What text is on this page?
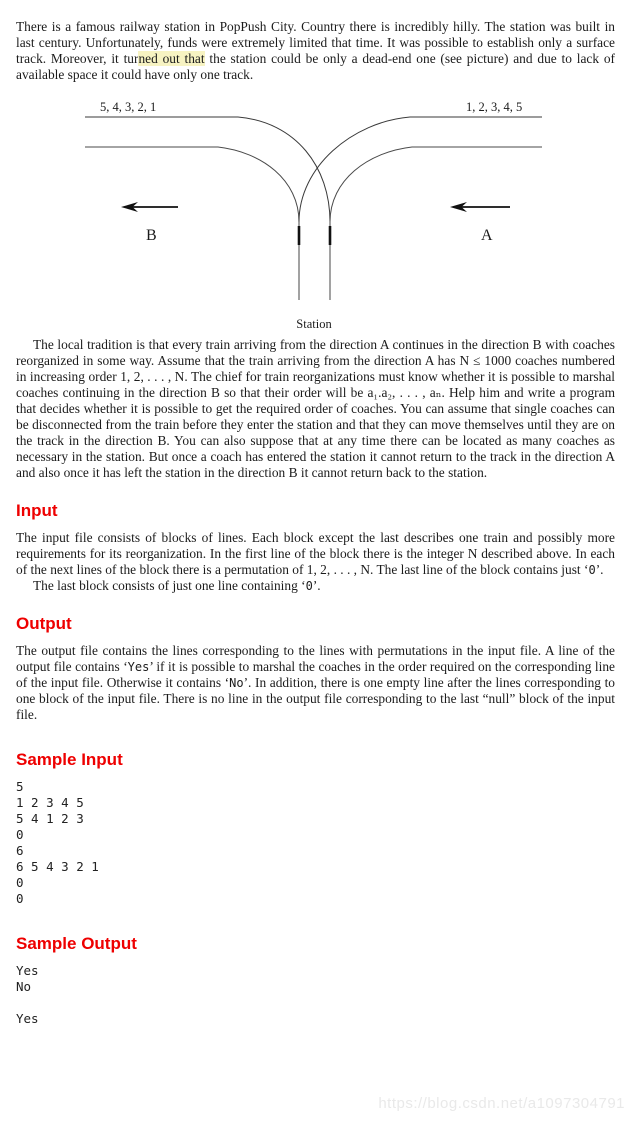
There is a famous railway station in PopPush City. Country there is incredibly hilly. The station was built in last century. Unfortunately, funds were extremely limited that time. It was possible to establish only a surface track. Moreover, it turned out that the station could be only a dead-end one (see picture) and due to lack of available space it could have only one track.

5, 4, 3, 2, 1	1, 2, 3, 4, 5
B	A
Station

The local tradition is that every train arriving from the direction A continues in the direction B with coaches reorganized in some way. Assume that the train arriving from the direction A has N ≤ 1000 coaches numbered in increasing order 1, 2, . . . , N. The chief for train reorganizations must know whether it is possible to marshal coaches continuing in the direction B so that their order will be a₁.a₂, . . . , aₙ. Help him and write a program that decides whether it is possible to get the required order of coaches. You can assume that single coaches can be disconnected from the train before they enter the station and that they can move themselves until they are on the track in the direction B. You can also suppose that at any time there can be located as many coaches as necessary in the station. But once a coach has entered the station it cannot return to the track in the direction A and also once it has left the station in the direction B it cannot return back to the station.

Input

The input file consists of blocks of lines. Each block except the last describes one train and possibly more requirements for its reorganization. In the first line of the block there is the integer N described above. In each of the next lines of the block there is a permutation of 1, 2, . . . , N. The last line of the block contains just ‘0’.

The last block consists of just one line containing ‘0’.

Output

The output file contains the lines corresponding to the lines with permutations in the input file. A line of the output file contains ‘Yes’ if it is possible to marshal the coaches in the order required on the corresponding line of the input file. Otherwise it contains ‘No’. In addition, there is one empty line after the lines corresponding to one block of the input file. There is no line in the output file corresponding to the last “null” block of the input file.

Sample Input
5
1 2 3 4 5
5 4 1 2 3
0
6
6 5 4 3 2 1
0
0
Sample Output
Yes
No
Yes
https://blog.csdn.net/a1097304791
